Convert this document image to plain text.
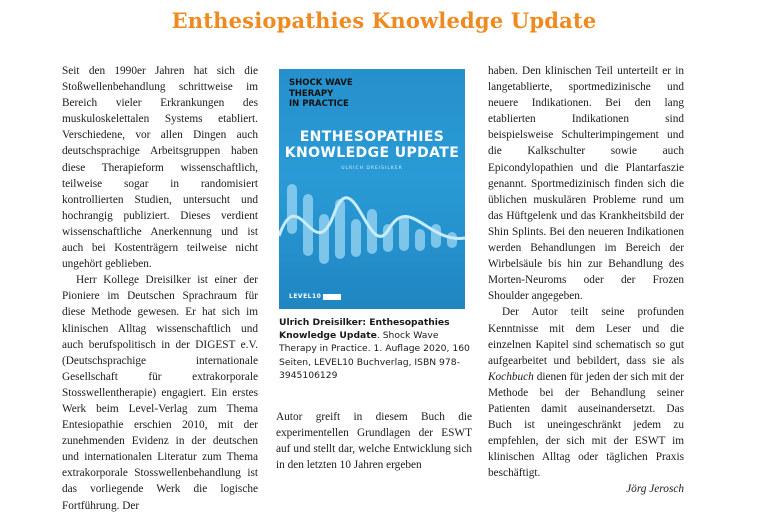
Enthesiopathies Knowledge Update

Seit den 1990er Jahren hat sich die Stoßwellenbehandlung schrittweise im Bereich vieler Erkrankungen des muskuloskelettalen Systems etabliert. Verschiedene, vor allen Dingen auch deutschsprachige Arbeitsgruppen haben diese Therapieform wissenschaftlich, teilweise sogar in randomisiert kontrollierten Studien, untersucht und hochrangig publiziert. Dieses verdient wissenschaftliche Anerkennung und ist auch bei Kostenträgern teilweise nicht ungehört geblieben.

Herr Kollege Dreisilker ist einer der Pioniere im Deutschen Sprachraum für diese Methode gewesen. Er hat sich im klinischen Alltag wissenschaftlich und auch berufspolitisch in der DIGEST e.V. (Deutschsprachige internationale Gesellschaft für extrakorporale Stosswellentherapie) engagiert. Ein erstes Werk beim Level-Verlag zum Thema Entesiopathie erschien 2010, mit der zunehmenden Evidenz in der deutschen und internationalen Literatur zum Thema extrakorporale Stosswellenbehandlung ist das vorliegende Werk die logische Fortführung. Der

SHOCK WAVE
THERAPY
IN PRACTICE
ENTHESOPATHIES
KNOWLEDGE UPDATE
ULRICH DREISILKER
LEVEL10
Ulrich Dreisilker: Enthesopathies Knowledge Update. Shock Wave Therapy in Practice. 1. Auflage 2020, 160 Seiten, LEVEL10 Buchverlag, ISBN 978-3945106129

Autor greift in diesem Buch die experimentellen Grundlagen der ESWT auf und stellt dar, welche Entwicklung sich in den letzten 10 Jahren ergeben

haben. Den klinischen Teil unterteilt er in langetablierte, sportmedizinische und neuere Indikationen. Bei den lang etablierten Indikationen sind beispielsweise Schulterimpingement und die Kalkschulter sowie auch Epicondylopathien und die Plantarfaszie genannt. Sportmedizinisch finden sich die üblichen muskulären Probleme rund um das Hüftgelenk und das Krankheitsbild der Shin Splints. Bei den neueren Indikationen werden Behandlungen im Bereich der Wirbelsäule bis hin zur Behandlung des Morten-Neuroms oder der Frozen Shoulder angegeben.

Der Autor teilt seine profunden Kenntnisse mit dem Leser und die einzelnen Kapitel sind schematisch so gut aufgearbeitet und bebildert, dass sie als Kochbuch dienen für jeden der sich mit der Methode bei der Behandlung seiner Patienten damit auseinandersetzt. Das Buch ist uneingeschränkt jedem zu empfehlen, der sich mit der ESWT im klinischen Alltag oder täglichen Praxis beschäftigt.

Jörg Jerosch
